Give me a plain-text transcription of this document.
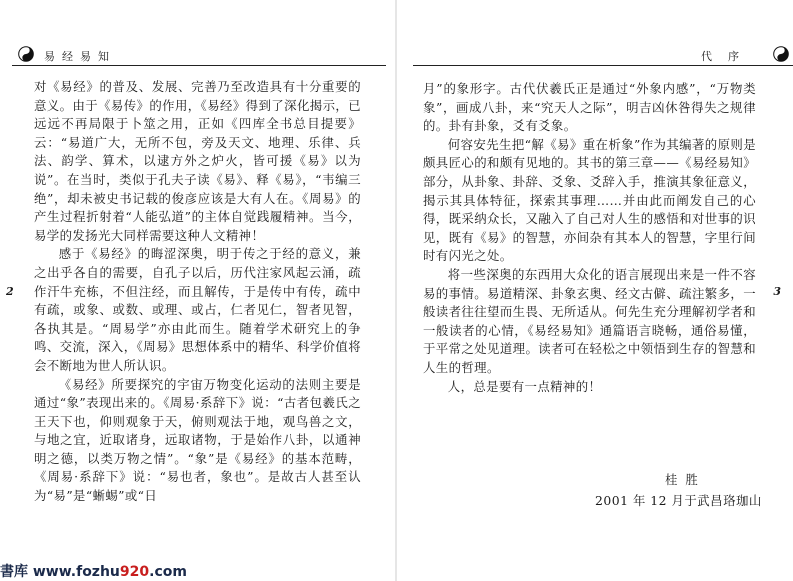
易经易知
2

对《易经》的普及、发展、完善乃至改造具有十分重要的意义。由于《易传》的作用，《易经》得到了深化揭示，已远远不再局限于卜筮之用，正如《四库全书总目提要》云：“易道广大，无所不包，旁及天文、地理、乐律、兵法、韵学、算术，以逮方外之炉火，皆可援《易》以为说”。在当时，类似于孔夫子读《易》、释《易》，“韦编三绝”，却未被史书记载的俊彦应该是大有人在。《周易》的产生过程折射着“人能弘道”的主体自觉践履精神。当今，易学的发扬光大同样需要这种人文精神！

感于《易经》的晦涩深奥，明于传之于经的意义，兼之出乎各自的需要，自孔子以后，历代注家风起云涌，疏作汗牛充栋，不但注经，而且解传，于是传中有传，疏中有疏，或象、或数、或理、或占，仁者见仁，智者见智，各执其是。“周易学”亦由此而生。随着学术研究上的争鸣、交流，深入，《周易》思想体系中的精华、科学价值将会不断地为世人所认识。

《易经》所要探究的宇宙万物变化运动的法则主要是通过“象”表现出来的。《周易·系辞下》说：“古者包羲氏之王天下也，仰则观象于天，俯则观法于地，观鸟兽之文，与地之宜，近取诸身，远取诸物，于是始作八卦，以通神明之德，以类万物之情”。“象”是《易经》的基本范畴，《周易·系辞下》说：“易也者，象也”。是故古人甚至认为“易”是“蜥蜴”或“日

書库 www.fozhu920.com
代序
3

月”的象形字。古代伏羲氏正是通过“外象内感”，“万物类象”，画成八卦，来“究天人之际”，明吉凶休咎得失之规律的。卦有卦象，爻有爻象。

何容安先生把“解《易》重在析象”作为其编著的原则是颇具匠心的和颇有见地的。其书的第三章——《易经易知》部分，从卦象、卦辞、爻象、爻辞入手，推演其象征意义，揭示其具体特征，探索其事理……并由此而阐发自己的心得，既采纳众长，又融入了自己对人生的感悟和对世事的识见，既有《易》的智慧，亦间杂有其本人的智慧，字里行间时有闪光之处。

将一些深奥的东西用大众化的语言展现出来是一件不容易的事情。易道精深、卦象玄奥、经文古僻、疏注繁多，一般读者往往望而生畏、无所适从。何先生充分理解初学者和一般读者的心情，《易经易知》通篇语言晓畅，通俗易懂，于平常之处见道理。读者可在轻松之中领悟到生存的智慧和人生的哲理。

人，总是要有一点精神的！

桂胜
2001 年 12 月于武昌珞珈山
